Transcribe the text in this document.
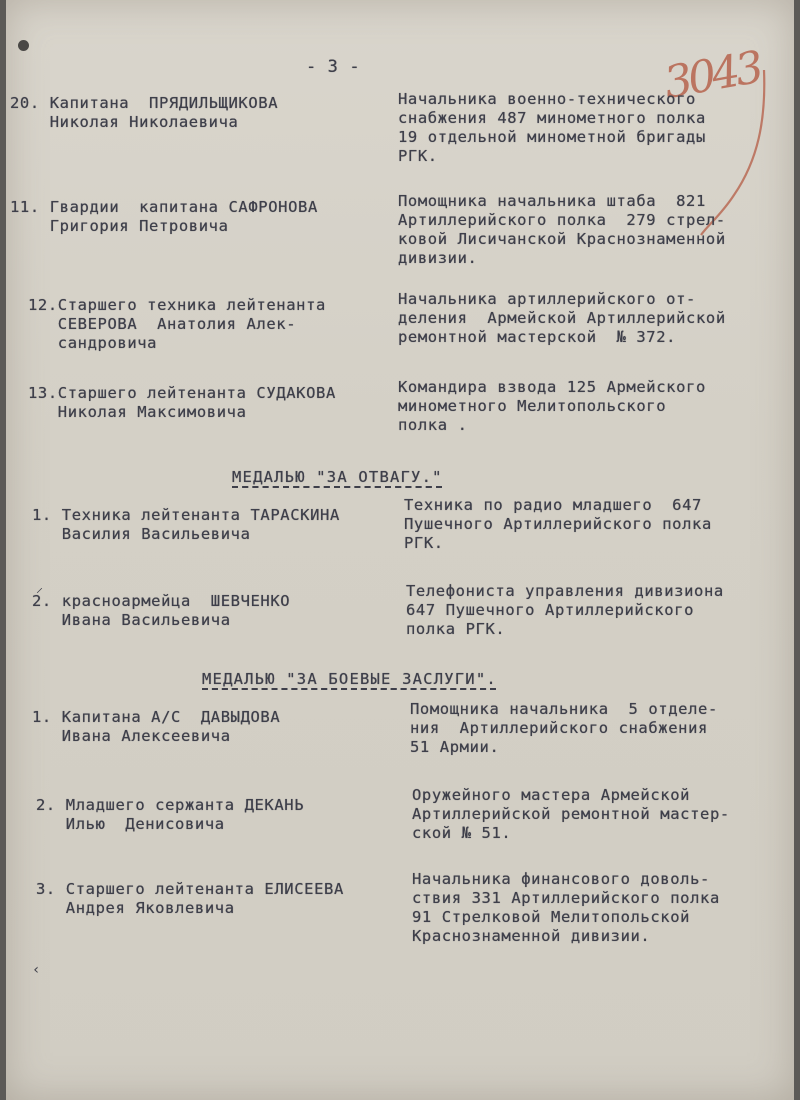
⸝
‹
- 3 -	3043
20. Капитана  ПРЯДИЛЬЩИКОВА
Николая Николаевича
Начальника военно-технического
снабжения 487 минометного полка
19 отдельной минометной бригады
РГК.
11. Гвардии  капитана САФРОНОВА
Григория Петровича
Помощника начальника штаба  821
Артиллерийского полка  279 стрел-
ковой Лисичанской Краснознаменной
дивизии.
12.Старшего техника лейтенанта
СЕВЕРОВА  Анатолия Алек-
сандровича
Начальника артиллерийского от-
деления  Армейской Артиллерийской
ремонтной мастерской  № 372.
13.Старшего лейтенанта СУДАКОВА
Николая Максимовича
Командира взвода 125 Армейского
минометного Мелитопольского
полка .
МЕДАЛЬЮ "ЗА ОТВАГУ."
1. Техника лейтенанта ТАРАСКИНА
Василия Васильевича
Техника по радио младшего  647
Пушечного Артиллерийского полка
РГК.
2. красноармейца  ШЕВЧЕНКО
Ивана Васильевича
Телефониста управления дивизиона
647 Пушечного Артиллерийского
полка РГК.
МЕДАЛЬЮ "ЗА БОЕВЫЕ ЗАСЛУГИ".
1. Капитана А/С  ДАВЫДОВА
Ивана Алексеевича
Помощника начальника  5 отделе-
ния  Артиллерийского снабжения
51 Армии.
2. Младшего сержанта ДЕКАНЬ
Илью  Денисовича
Оружейного мастера Армейской
Артиллерийской ремонтной мастер-
ской № 51.
3. Старшего лейтенанта ЕЛИСЕЕВА
Андрея Яковлевича
Начальника финансового доволь-
ствия 331 Артиллерийского полка
91 Стрелковой Мелитопольской
Краснознаменной дивизии.
